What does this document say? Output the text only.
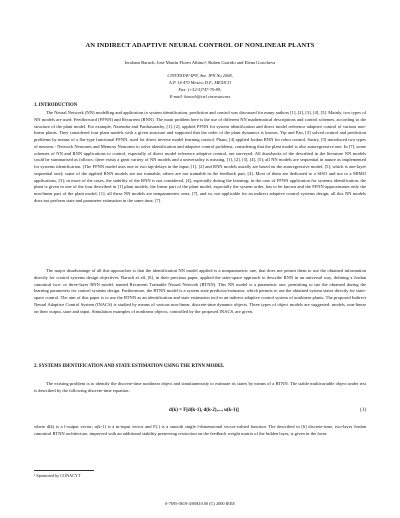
AN INDIRECT ADAPTIVE NEURAL CONTROL OF NONLINEAR PLANTS
Ieroham Baruch, José Martín Flores Albino¹, Ruben Garrido and Elena Gortcheva
CINVESTAV-IPN, Ave. IPN No 2508,
A.P. 14-470 Mexico D.F., MEXICO
Fax: (+52-5)747-70-89;
E-mail: baruch@ctrl.cinvestav.mx
1. INTRODUCTION

The Neural Network (NN) modelling and application to system identification, prediction and control was discussed for many authors [1], [2], [3], [4], [5]. Mainly, two types of NN models are used: Feedforward (FFNN) and Recurrent (RNN). The main problem here is the use of different NN mathematical descriptions and control schemes, according to the structure of the plant model. For example, Narendra and Parthasarathy, [1], [2], applied FFNN for system identification and direct model reference adaptive control of various non-linear plants. They considered four plant models with a given structure and supposed that the order of the plant dynamics is known. Yip and Pao, [3] solved control and prediction problems by means of a flat-type functional FFNN, used for direct inverse model learning control. Pham, [4] applied Jordan RNN for robot control. Sastry, [5] introduced two types of neurons - Network Neurones and Memory Neurones to solve identification and adaptive control problems, considering that the plant model is also autoregressive one. In [7], some schemes of NN and RNN applications to control, especially of direct model reference adaptive control, are surveyed. All drawbacks of the described in the literature NN models could be summarised as follows: there exists a great variety of NN models and a universality is missing, [1], [2], [3], [4], [5]; all NN models are sequential in nature as implemented for systems identification. (The FFNN model uses one or two tap-delays in the input, [1], [2] and RNN models usually are based on the autoregressive model, [5], which is one-layer sequential one); some of the applied RNN models are not trainable, others are not trainable in the feedback part, [4]. Most of them are dedicated to a SISO and not to a MIMO applications, [3]; in more of the cases, the stability of the RNN is not considered, [4], especially during the learning; in the case of FFNN application for systems identification, the plant is given in one of the four described in [1] plant models, the linear part of the plant model, especially the system order, has to be known and the FFNN approximates only the non-linear part of the plant model, [1]; all these NN models are nonparametric ones, [7], and so, not applicable for an indirect adaptive control systems design; all this NN models does not perform state and parameter estimation in the same time, [7].

The major disadvantage of all this approaches is that the identification NN model applied is a nonparametric one, that does not permit them to use the obtained information directly for control systems design objectives. Baruch et all, [6], in their previous paper, applied the state-space approach to describe RNN in an universal way, defining a Jordan canonical two- or three-layer RNN model, named Recurrent Trainable Neural Network (RTNN). This NN model is a parametric one, permitting to use the obtained during the learning parameters for control systems design. Furthermore, the RTNN model is a system state predictor/estimator, which permits to use the obtained system states directly for state-space control. The aim of this paper is to use the RTNN as an identification and state estimation tool in an indirect adaptive control system of nonlinear plants. The proposed Indirect Neural Adaptive Control System (INACS) is studied by means of various non-linear, discrete-time dynamic objects. Three types of object models are suggested: models, non-linear on their output, state and input. Simulation examples of nonlinear objects, controlled by the proposed INACS, are given.

2. SYSTEMS IDENTIFICATION AND STATE ESTIMATION USING THE RTNN MODEL

The existing problem is to identify the discrete-time nonlinear object and simultaneously to estimate its states by means of a RTNN. The stable multivariable object under test is described by the following discrete-time equation:

d(k) = F[d(k-1), d(k-2),..., u(k-1)]	(1)

where d(k) is a l-output vector; u(k-1) is a m-input vector and F(.) is a smooth single l-dimensional vector-valued function. The described in [6] discrete-time, two-layer Jordan canonical RTNN architecture, improved with an additional stability preserving restriction on the feedback weight matrix of the hidden layer, is given in the form:

¹ Sponsored by CONACYT
0-7695-0619-4/00$10.00 (C) 2000 IEEE
